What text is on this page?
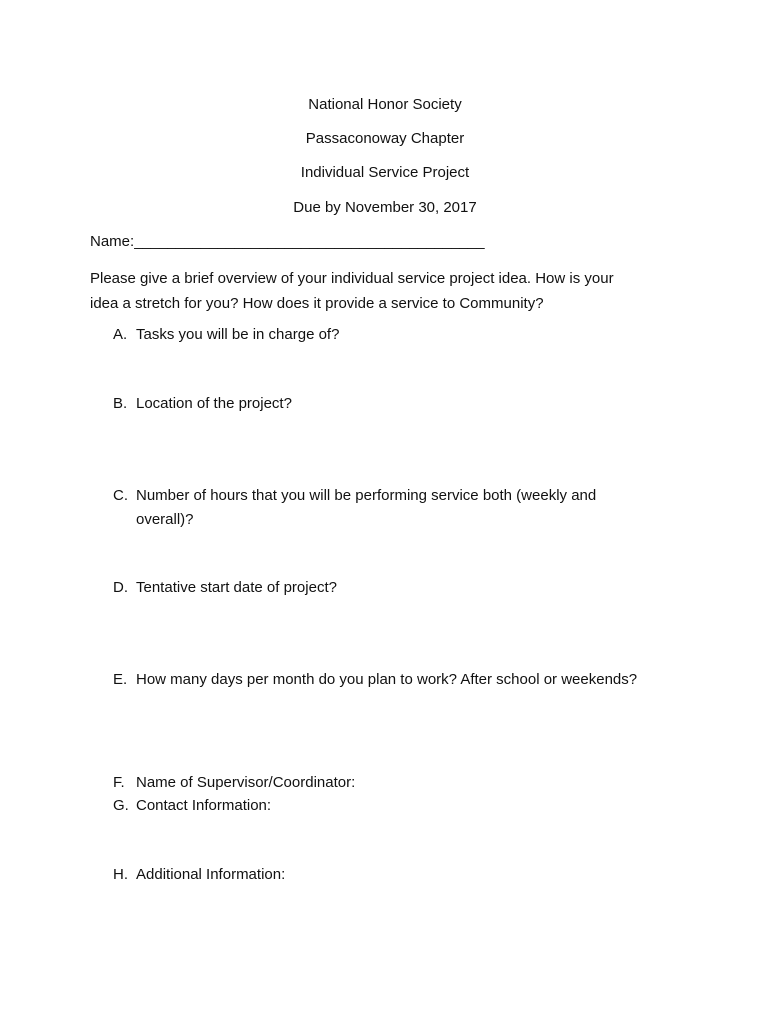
National Honor Society
Passaconoway Chapter
Individual Service Project
Due by November 30, 2017
Name:__________________________________________
Please give a brief overview of your individual service project idea. How is your
idea a stretch for you? How does it provide a service to Community?
A. Tasks you will be in charge of?
B. Location of the project?
C. Number of hours that you will be performing service both (weekly and
overall)?
D. Tentative start date of project?
E. How many days per month do you plan to work? After school or weekends?
F. Name of Supervisor/Coordinator:
G. Contact Information:
H. Additional Information:
